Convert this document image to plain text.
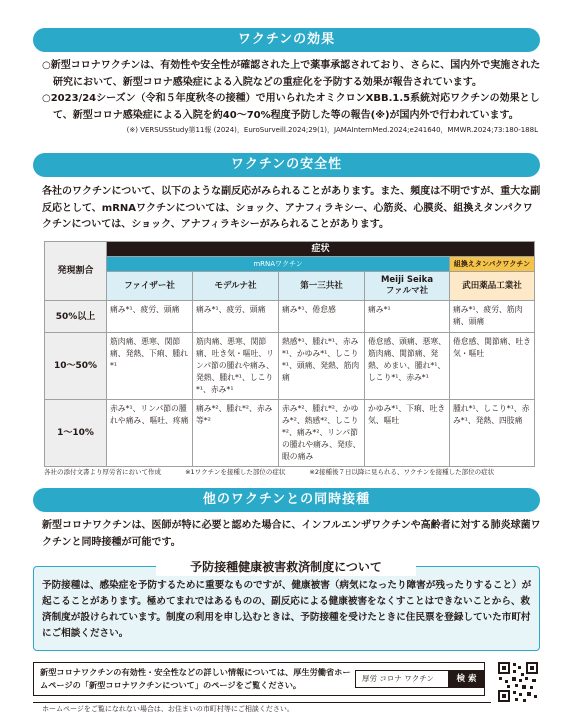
ワクチンの効果

○新型コロナワクチンは、有効性や安全性が確認された上で薬事承認されており、さらに、国内外で実施された研究において、新型コロナ感染症による入院などの重症化を予防する効果が報告されています。

○2023/24シーズン（令和５年度秋冬の接種）で用いられたオミクロンXBB.1.5系統対応ワクチンの効果として、新型コロナ感染症による入院を約40〜70%程度予防した等の報告(※)が国内外で行われています。

(※) VERSUSStudy第11報 (2024)，EuroSurveill.2024;29(1)，JAMAInternMed.2024;e241640，MMWR.2024;73:180-188L

ワクチンの安全性
各社のワクチンについて、以下のような副反応がみられることがあります。また、頻度は不明ですが、重大な副反応として、mRNAワクチンについては、ショック、アナフィラキシー、心筋炎、心膜炎、組換えタンパクワクチンについては、ショック、アナフィラキシーがみられることがあります。
発現割合	症状				
	mRNAワクチン				組換えタンパクワクチン
	ファイザー社	モデルナ社	第一三共社	Meiji Seika
ファルマ社	武田薬品工業社
50%以上	痛み*¹、疲労、頭痛	痛み*¹、疲労、頭痛	痛み*¹、倦怠感	痛み*¹	痛み*¹、疲労、筋肉痛、頭痛
10〜50%	筋肉痛、悪寒、関節痛、発熱、下痢、腫れ*¹	筋肉痛、悪寒、関節痛、吐き気・嘔吐、リンパ節の腫れや痛み、発熱、腫れ*¹、しこり*¹、赤み*¹	熱感*¹、腫れ*¹、赤み*¹、かゆみ*¹、しこり*¹、頭痛、発熱、筋肉痛	倦怠感、頭痛、悪寒、筋肉痛、関節痛、発熱、めまい、腫れ*¹、しこり*¹、赤み*¹	倦怠感、関節痛、吐き気・嘔吐
1〜10%	赤み*¹、リンパ節の腫れや痛み、嘔吐、疼痛	痛み*²、腫れ*²、赤み等*²	赤み*²、腫れ*²、かゆみ*²、熱感*²、しこり*²、痛み*²、リンパ節の腫れや痛み、発疹、眼の痛み	かゆみ*¹、下痢、吐き気、嘔吐	腫れ*¹、しこり*¹、赤み*¹、発熱、四肢痛
各社の添付文書より厚労省において作成	※1ワクチンを接種した部位の症状	※2接種後７日以降に見られる、ワクチンを接種した部位の症状
他のワクチンとの同時接種
新型コロナワクチンは、医師が特に必要と認めた場合に、インフルエンザワクチンや高齢者に対する肺炎球菌ワクチンと同時接種が可能です。
予防接種健康被害救済制度について
予防接種は、感染症を予防するために重要なものですが、健康被害（病気になったり障害が残ったりすること）が起こることがあります。極めてまれではあるものの、副反応による健康被害をなくすことはできないことから、救済制度が設けられています。制度の利用を申し込むときは、予防接種を受けたときに住民票を登録していた市町村にご相談ください。
新型コロナワクチンの有効性・安全性などの詳しい情報については、厚生労働省ホームページの「新型コロナワクチンについて」のページをご覧ください。
厚労 コロナ ワクチン	検 索
ホームページをご覧になれない場合は、お住まいの市町村等にご相談ください。
